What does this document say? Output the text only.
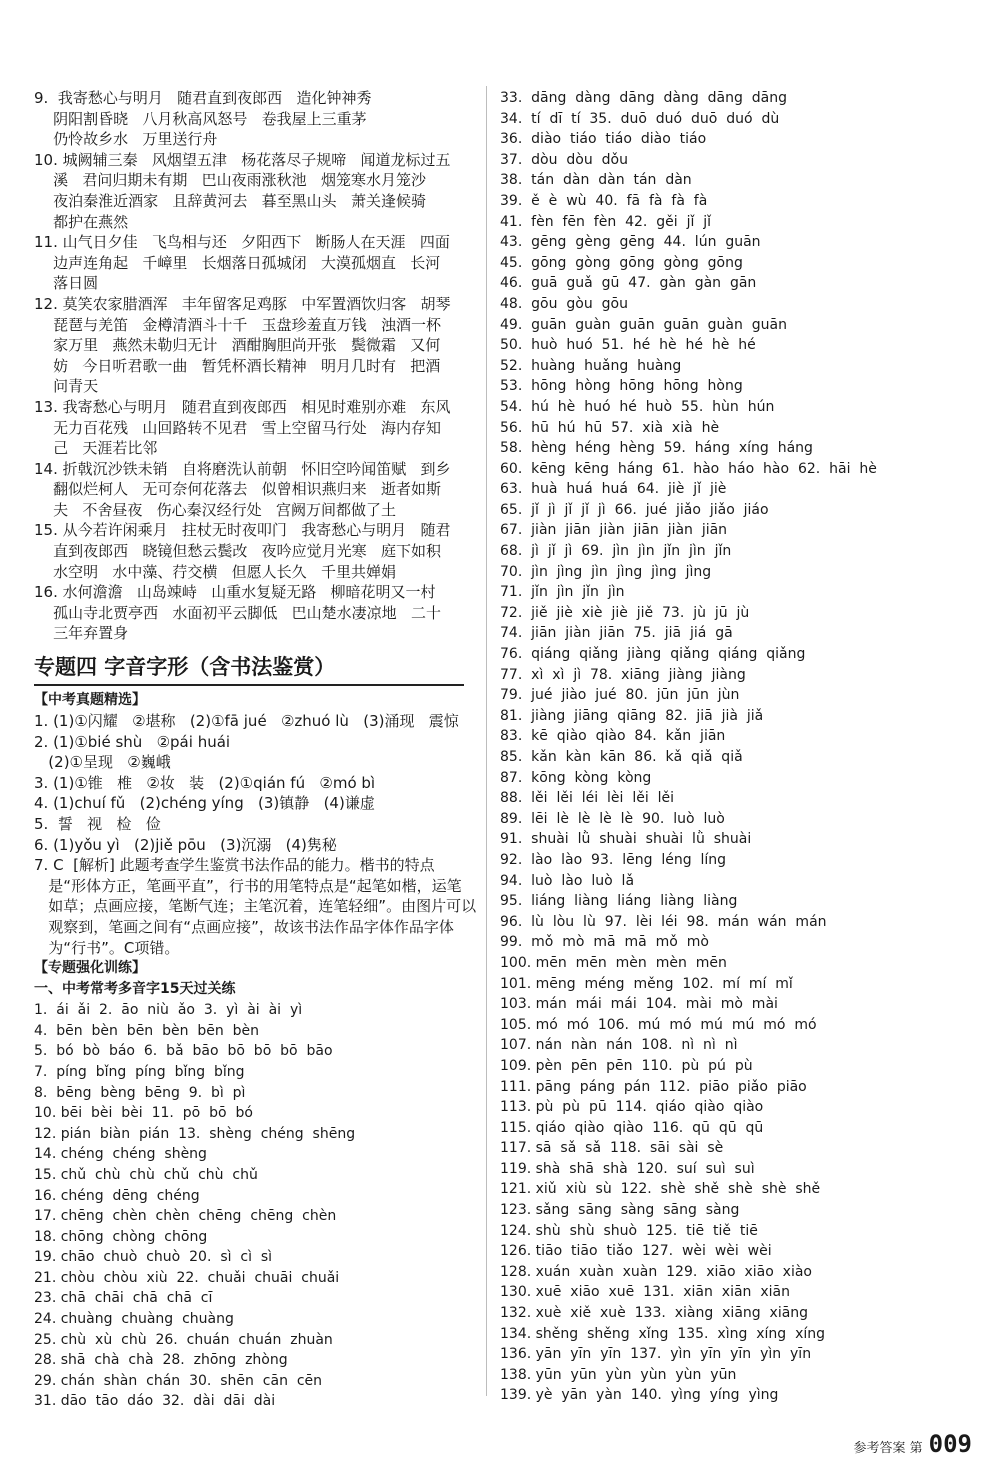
9.  我寄愁心与明月   随君直到夜郎西   造化钟神秀
阴阳割昏晓   八月秋高风怒号   卷我屋上三重茅
仍怜故乡水   万里送行舟
10. 城阙辅三秦   风烟望五津   杨花落尽子规啼   闻道龙标过五
溪   君问归期未有期   巴山夜雨涨秋池   烟笼寒水月笼沙
夜泊秦淮近酒家   且辞黄河去   暮至黑山头   萧关逢候骑
都护在燕然
11. 山气日夕佳   飞鸟相与还   夕阳西下   断肠人在天涯   四面
边声连角起   千嶂里   长烟落日孤城闭   大漠孤烟直   长河
落日圆
12. 莫笑农家腊酒浑   丰年留客足鸡豚   中军置酒饮归客   胡琴
琵琶与羌笛   金樽清酒斗十千   玉盘珍羞直万钱   浊酒一杯
家万里   燕然未勒归无计   酒酣胸胆尚开张   鬓微霜   又何
妨   今日听君歌一曲   暂凭杯酒长精神   明月几时有   把酒
问青天
13. 我寄愁心与明月   随君直到夜郎西   相见时难别亦难   东风
无力百花残   山回路转不见君   雪上空留马行处   海内存知
己   天涯若比邻
14. 折戟沉沙铁未销   自将磨洗认前朝   怀旧空吟闻笛赋   到乡
翻似烂柯人   无可奈何花落去   似曾相识燕归来   逝者如斯
夫   不舍昼夜   伤心秦汉经行处   宫阙万间都做了土
15. 从今若许闲乘月   拄杖无时夜叩门   我寄愁心与明月   随君
直到夜郎西   晓镜但愁云鬓改   夜吟应觉月光寒   庭下如积
水空明   水中藻、荇交横   但愿人长久   千里共婵娟
16. 水何澹澹   山岛竦峙   山重水复疑无路   柳暗花明又一村
孤山寺北贾亭西   水面初平云脚低   巴山楚水凄凉地   二十
三年弃置身
专题四 字音字形（含书法鉴赏）
【中考真题精选】
1. (1)①闪耀   ②堪称   (2)①fā jué   ②zhuó lù   (3)涌现   震惊
2. (1)①bié shù   ②pái huái
(2)①呈现   ②巍峨
3. (1)①锥   椎   ②妆   装   (2)①qián fú   ②mó bì
4. (1)chuí fǔ   (2)chéng yíng   (3)镇静   (4)谦虚
5.  誓   视   检   俭
6. (1)yǒu yì   (2)jiě pōu   (3)沉溺   (4)隽秘
7. C  [解析] 此题考查学生鉴赏书法作品的能力。楷书的特点
是“形体方正，笔画平直”，行书的用笔特点是“起笔如楷，运笔
如草；点画应接，笔断气连；主笔沉着，连笔轻细”。由图片可以
观察到，笔画之间有“点画应接”，故该书法作品字体作品字体
为“行书”。C项错。
【专题强化训练】
一、中考常考多音字15天过关练
1.  ái  ǎi  2.  āo  niù  ǎo  3.  yì  ài  ài  yì
4.  bēn  bèn  bēn  bèn  bēn  bèn
5.  bó  bò  báo  6.  bǎ  bāo  bō  bō  bō  bāo
7.  píng  bǐng  píng  bǐng  bǐng
8.  bēng  bèng  bēng  9.  bì  pì
10. bēi  bèi  bèi  11.  pō  bō  bó
12. pián  biàn  pián  13.  shèng  chéng  shēng
14. chéng  chéng  shèng
15. chǔ  chù  chù  chǔ  chù  chǔ
16. chéng  dēng  chéng
17. chēng  chèn  chèn  chēng  chēng  chèn
18. chōng  chòng  chōng
19. chāo  chuò  chuò  20.  sì  cì  sì
21. chòu  chòu  xiù  22.  chuǎi  chuāi  chuǎi
23. chā  chāi  chā  chā  cī
24. chuàng  chuàng  chuàng
25. chù  xù  chù  26.  chuán  chuán  zhuàn
28. shā  chà  chà  28.  zhōng  zhòng
29. chán  shàn  chán  30.  shēn  cān  cēn
31. dāo  tāo  dáo  32.  dài  dāi  dài
33.  dāng  dàng  dāng  dàng  dāng  dāng
34.  tí  dī  tí  35.  duō  duó  duō  duó  dù
36.  diào  tiáo  tiáo  diào  tiáo
37.  dòu  dòu  dǒu
38.  tán  dàn  dàn  tán  dàn
39.  ě  è  wù  40.  fā  fà  fà  fà
41.  fèn  fēn  fèn  42.  gěi  jǐ  jǐ
43.  gēng  gèng  gēng  44.  lún  guān
45.  gōng  gòng  gōng  gòng  gōng
46.  guā  guǎ  gū  47.  gàn  gàn  gān
48.  gōu  gòu  gōu
49.  guān  guàn  guān  guān  guàn  guān
50.  huò  huó  51.  hé  hè  hé  hè  hé
52.  huàng  huǎng  huàng
53.  hōng  hòng  hōng  hōng  hòng
54.  hú  hè  huó  hé  huò  55.  hùn  hún
56.  hū  hú  hū  57.  xià  xià  hè
58.  hèng  héng  hèng  59.  háng  xíng  háng
60.  kēng  kēng  háng  61.  hào  háo  hào  62.  hāi  hè
63.  huà  huá  huá  64.  jiè  jǐ  jiè
65.  jǐ  jì  jǐ  jǐ  jì  66.  jué  jiǎo  jiǎo  jiáo
67.  jiàn  jiān  jiàn  jiān  jiàn  jiān
68.  jì  jǐ  jì  69.  jìn  jìn  jǐn  jìn  jǐn
70.  jìn  jìng  jìn  jìng  jìng  jìng
71.  jǐn  jìn  jǐn  jìn
72.  jiě  jiè  xiè  jiè  jiě  73.  jù  jū  jù
74.  jiān  jiàn  jiān  75.  jiā  jiá  gā
76.  qiáng  qiǎng  jiàng  qiǎng  qiáng  qiǎng
77.  xì  xì  jì  78.  xiāng  jiàng  jiàng
79.  jué  jiào  jué  80.  jūn  jūn  jùn
81.  jiàng  jiāng  qiāng  82.  jiā  jià  jiǎ
83.  kē  qiào  qiào  84.  kǎn  jiān
85.  kǎn  kàn  kān  86.  kǎ  qiǎ  qiǎ
87.  kōng  kòng  kòng
88.  lěi  lěi  léi  lèi  lěi  lěi
89.  lēi  lè  lè  lè  lè  90.  luò  luò
91.  shuài  lǜ  shuài  shuài  lǜ  shuài
92.  lào  lào  93.  lēng  léng  líng
94.  luò  lào  luò  lǎ
95.  liáng  liàng  liáng  liàng  liàng
96.  lù  lòu  lù  97.  lèi  léi  98.  mán  wán  mán
99.  mǒ  mò  mā  mā  mǒ  mò
100. mēn  mēn  mèn  mèn  mēn
101. mēng  méng  měng  102.  mí  mí  mǐ
103. mán  mái  mái  104.  mài  mò  mài
105. mó  mó  106.  mú  mó  mú  mú  mó  mó
107. nán  nàn  nán  108.  nì  nì  nì
109. pèn  pēn  pēn  110.  pù  pú  pù
111. pāng  páng  pán  112.  piāo  piǎo  piāo
113. pù  pù  pū  114.  qiáo  qiào  qiào
115. qiáo  qiào  qiào  116.  qū  qū  qū
117. sā  sǎ  sǎ  118.  sāi  sài  sè
119. shà  shā  shà  120.  suí  suì  suì
121. xiǔ  xiù  sù  122.  shè  shě  shè  shè  shě
123. sǎng  sāng  sàng  sāng  sàng
124. shù  shù  shuò  125.  tiē  tiě  tiē
126. tiāo  tiāo  tiǎo  127.  wèi  wèi  wèi
128. xuán  xuàn  xuàn  129.  xiāo  xiāo  xiào
130. xuē  xiāo  xuē  131.  xiān  xiān  xiān
132. xuè  xiě  xuè  133.  xiàng  xiāng  xiāng
134. shěng  shěng  xǐng  135.  xìng  xíng  xíng
136. yān  yīn  yīn  137.  yìn  yīn  yīn  yìn  yīn
138. yūn  yūn  yùn  yùn  yùn  yūn
139. yè  yān  yàn  140.  yìng  yíng  yìng
参考答案 第 009
